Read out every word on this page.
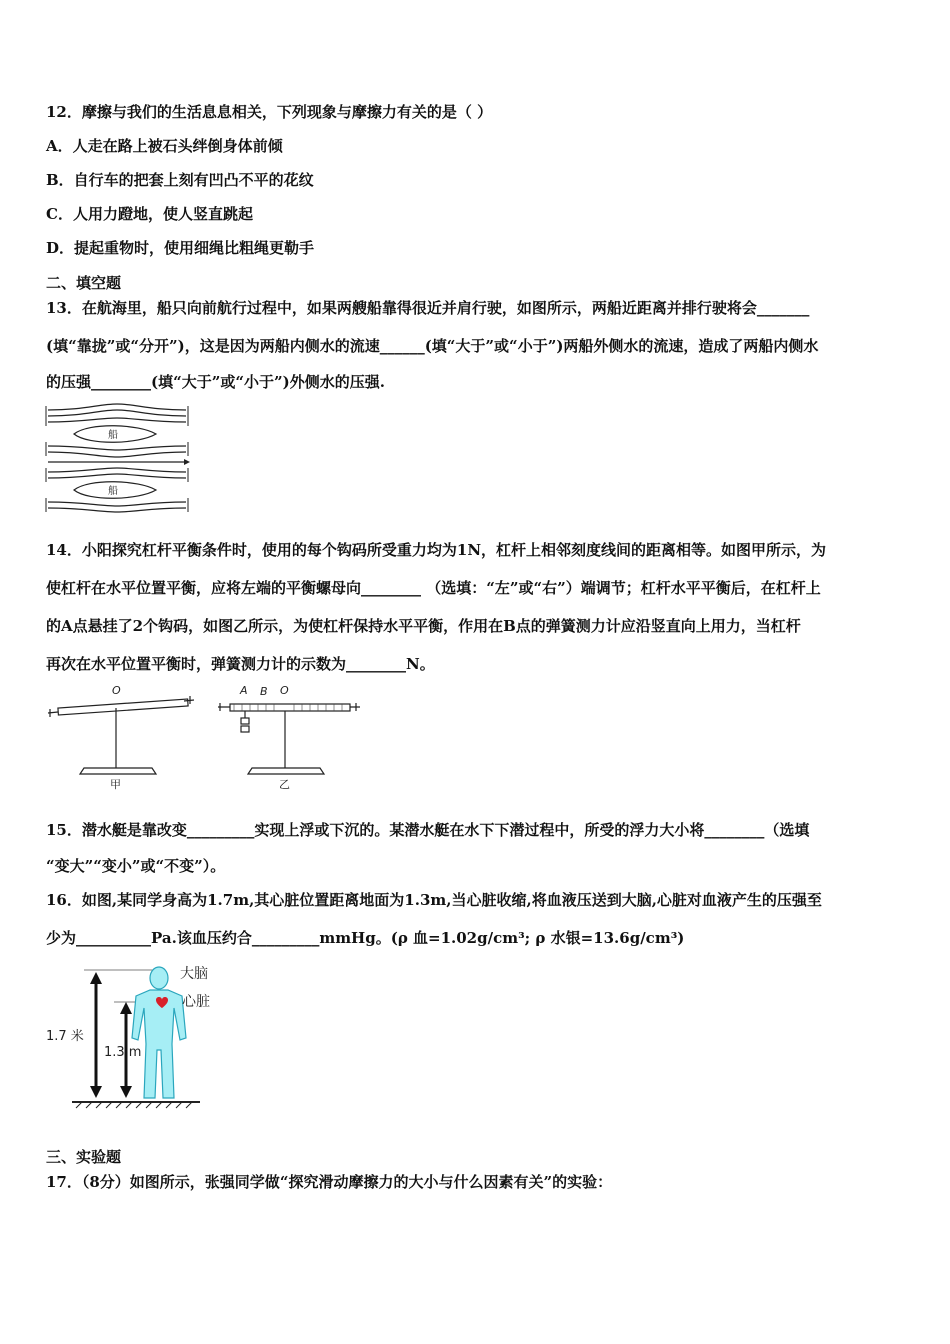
12．摩擦与我们的生活息息相关，下列现象与摩擦力有关的是（ ）
A．人走在路上被石头绊倒身体前倾
B．自行车的把套上刻有凹凸不平的花纹
C．人用力蹬地，使人竖直跳起
D．提起重物时，使用细绳比粗绳更勒手
二、填空题
13．在航海里，船只向前航行过程中，如果两艘船靠得很近并肩行驶，如图所示，两船近距离并排行驶将会_______
(填“靠拢”或“分开”)，这是因为两船内侧水的流速______(填“大于”或“小于”)两船外侧水的流速，造成了两船内侧水
的压强________(填“大于”或“小于”)外侧水的压强.
船
船
14．小阳探究杠杆平衡条件时，使用的每个钩码所受重力均为1N，杠杆上相邻刻度线间的距离相等。如图甲所示，为
使杠杆在水平位置平衡，应将左端的平衡螺母向________ （选填：“左”或“右”）端调节；杠杆水平平衡后，在杠杆上
的A点悬挂了2个钩码，如图乙所示，为使杠杆保持水平平衡，作用在B点的弹簧测力计应沿竖直向上用力，当杠杆
再次在水平位置平衡时，弹簧测力计的示数为________N。
O	A B O
甲	乙
15．潜水艇是靠改变_________实现上浮或下沉的。某潜水艇在水下下潜过程中，所受的浮力大小将________（选填
“变大”“变小”或“不变”）。
16．如图,某同学身高为1.7m,其心脏位置距离地面为1.3m,当心脏收缩,将血液压送到大脑,心脏对血液产生的压强至
少为__________Pa.该血压约合_________mmHg。(ρ 血=1.02g/cm³; ρ 水银=13.6g/cm³)
大脑
心脏
1.7 米
1.3 m
三、实验题
17．（8分）如图所示，张强同学做“探究滑动摩擦力的大小与什么因素有关”的实验：
